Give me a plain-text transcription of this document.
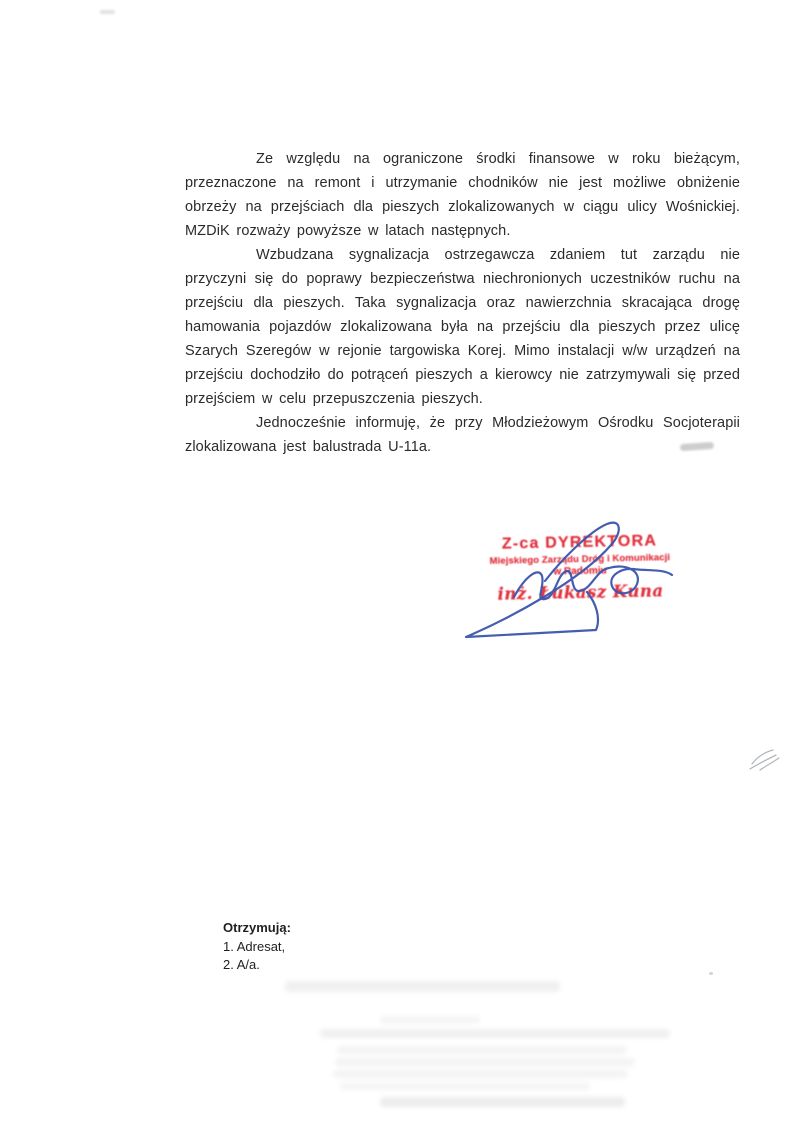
Ze względu na ograniczone środki finansowe w roku bieżącym, przeznaczone na remont i utrzymanie chodników nie jest możliwe obniżenie obrzeży na przejściach dla pieszych zlokalizowanych w ciągu ulicy Wośnickiej. MZDiK rozważy powyższe w latach następnych.

Wzbudzana sygnalizacja ostrzegawcza zdaniem tut zarządu nie przyczyni się do poprawy bezpieczeństwa niechronionych uczestników ruchu na przejściu dla pieszych. Taka sygnalizacja oraz nawierzchnia skracająca drogę hamowania pojazdów zlokalizowana była na przejściu dla pieszych przez ulicę Szarych Szeregów w rejonie targowiska Korej. Mimo instalacji w/w urządzeń na przejściu dochodziło do potrąceń pieszych a kierowcy nie zatrzymywali się przed przejściem w celu przepuszczenia pieszych.

Jednocześnie informuję, że przy Młodzieżowym Ośrodku Socjoterapii zlokalizowana jest balustrada U-11a.

Z-ca DYREKTORA
Miejskiego Zarządu Dróg i Komunikacji
w Radomiu
inż. Łukasz Kuna
Otrzymują:
1. Adresat,
2. A/a.
